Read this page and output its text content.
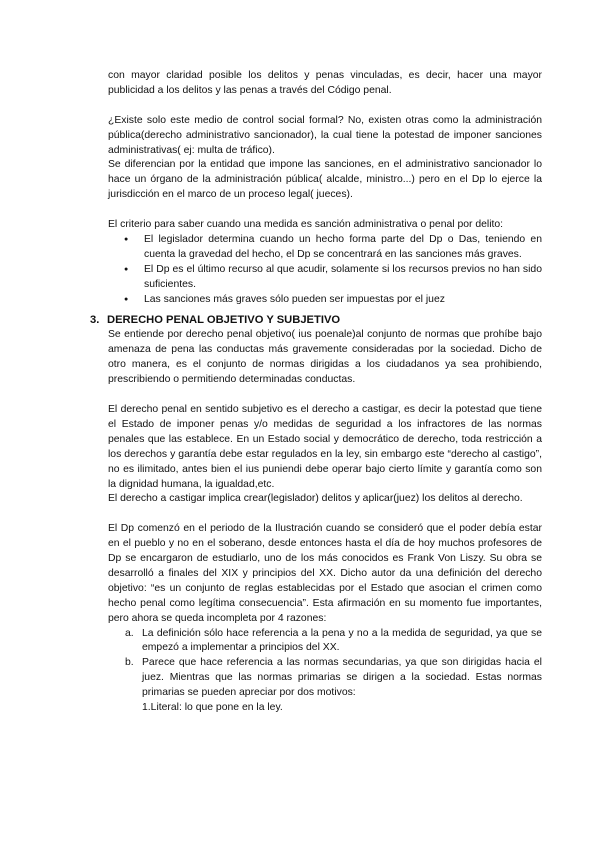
con mayor claridad posible los delitos y penas vinculadas, es decir, hacer una mayor publicidad a los delitos y las penas a través del Código penal.

¿Existe solo este medio de control social formal? No, existen otras como la administración pública(derecho administrativo sancionador), la cual tiene la potestad de imponer sanciones administrativas( ej: multa de tráfico).

Se diferencian por la entidad que impone las sanciones, en el administrativo sancionador lo hace un órgano de la administración pública( alcalde, ministro...) pero en el Dp lo ejerce la jurisdicción en el marco de un proceso legal( jueces).

El criterio para saber cuando una medida es sanción administrativa o penal por delito:

● El legislador determina cuando un hecho forma parte del Dp o Das, teniendo en cuenta la gravedad del hecho, el Dp se concentrará en las sanciones más graves.
● El Dp es el último recurso al que acudir, solamente si los recursos previos no han sido suficientes.
● Las sanciones más graves sólo pueden ser impuestas por el juez
3. DERECHO PENAL OBJETIVO Y SUBJETIVO

Se entiende por derecho penal objetivo( ius poenale)al conjunto de normas que prohíbe bajo amenaza de pena las conductas más gravemente consideradas por la sociedad. Dicho de otro manera, es el conjunto de normas dirigidas a los ciudadanos ya sea prohibiendo, prescribiendo o permitiendo determinadas conductas.

El derecho penal en sentido subjetivo es el derecho a castigar, es decir la potestad que tiene el Estado de imponer penas y/o medidas de seguridad a los infractores de las normas penales que las establece. En un Estado social y democrático de derecho, toda restricción a los derechos y garantía debe estar regulados en la ley, sin embargo este “derecho al castigo”, no es ilimitado, antes bien el ius puniendi debe operar bajo cierto límite y garantía como son la dignidad humana, la igualdad,etc.

El derecho a castigar implica crear(legislador) delitos y aplicar(juez) los delitos al derecho.

El Dp comenzó en el periodo de la Ilustración cuando se consideró que el poder debía estar en el pueblo y no en el soberano, desde entonces hasta el día de hoy muchos profesores de Dp se encargaron de estudiarlo, uno de los más conocidos es Frank Von Liszy. Su obra se desarrolló a finales del XIX y principios del XX. Dicho autor da una definición del derecho objetivo: “es un conjunto de reglas establecidas por el Estado que asocian el crimen como hecho penal como legítima consecuencia”. Esta afirmación en su momento fue importantes, pero ahora se queda incompleta por 4 razones:

a. La definición sólo hace referencia a la pena y no a la medida de seguridad, ya que se empezó a implementar a principios del XX.
b. Parece que hace referencia a las normas secundarias, ya que son dirigidas hacia el juez. Mientras que las normas primarias se dirigen a la sociedad. Estas normas primarias se pueden apreciar por dos motivos:

1.Literal: lo que pone en la ley.
